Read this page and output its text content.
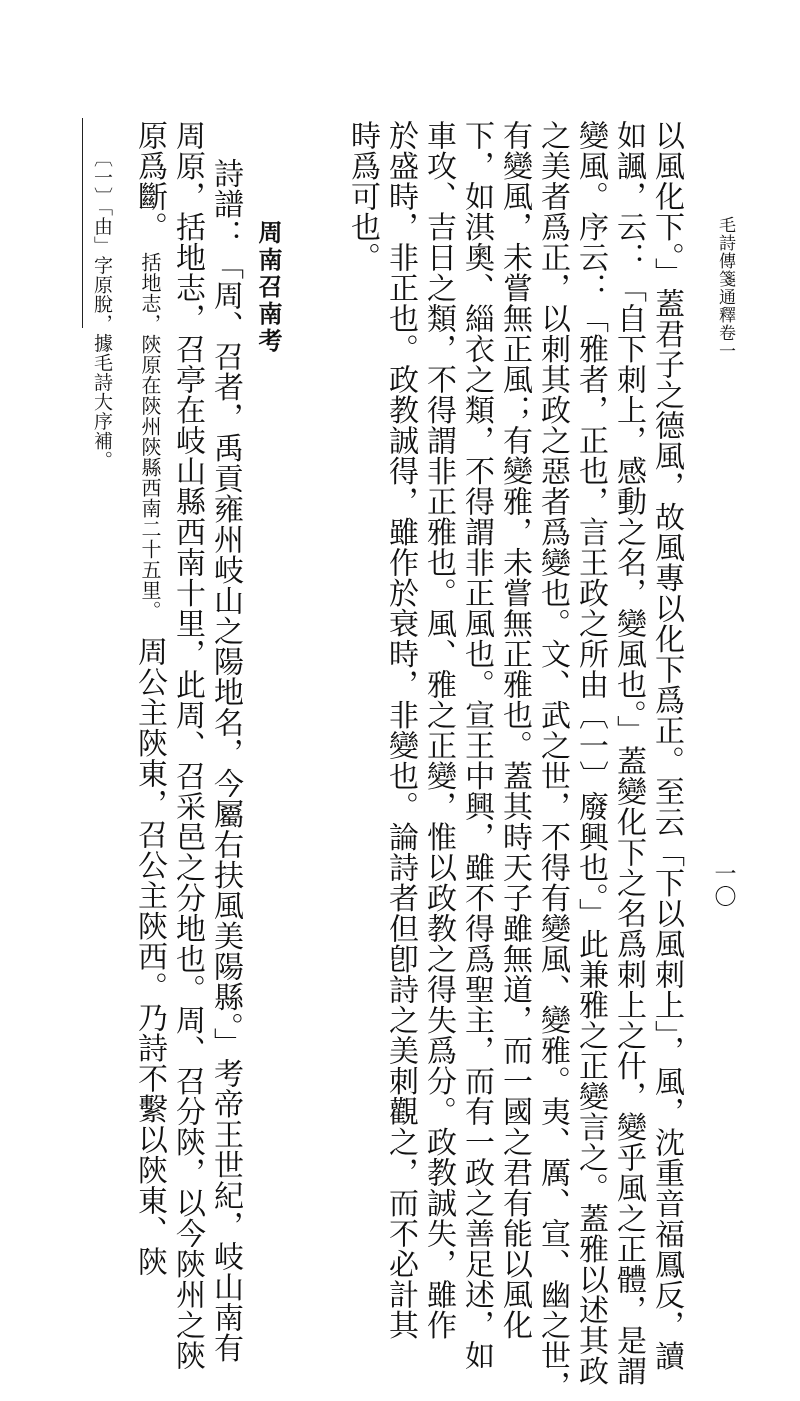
毛詩傳箋通釋卷一
一〇
以風化下。」蓋君子之德風，故風專以化下爲正。至云「下以風刺上」，風，沈重音福鳳反，讀
如諷，云：「自下刺上，感動之名，變風也。」蓋變化下之名爲刺上之什，變乎風之正體，是謂
變風。序云：「雅者，正也，言王政之所由〔一〕廢興也。」此兼雅之正變言之。蓋雅以述其政
之美者爲正，以刺其政之惡者爲變也。文、武之世，不得有變風、變雅。夷、厲、宣、幽之世，
有變風，未嘗無正風；有變雅，未嘗無正雅也。蓋其時天子雖無道，而一國之君有能以風化
下，如淇奧、緇衣之類，不得謂非正風也。宣王中興，雖不得爲聖主，而有一政之善足述，如
車攻、吉日之類，不得謂非正雅也。風、雅之正變，惟以政教之得失爲分。政教誠失，雖作
於盛時，非正也。政教誠得，雖作於衰時，非變也。論詩者但卽詩之美刺觀之，而不必計其
時爲可也。
周南召南考
詩譜：「周、召者，禹貢雍州岐山之陽地名，今屬右扶風美陽縣。」考帝王世紀，岐山南有
周原，括地志，召亭在岐山縣西南十里，此周、召采邑之分地也。周、召分陝，以今陝州之陝
原爲斷。
括地志，陝原在陝州陝縣西南二十五里。
周公主陝東，召公主陝西。乃詩不繫以陝東、陝
〔一〕「由」字原脫，據毛詩大序補。
